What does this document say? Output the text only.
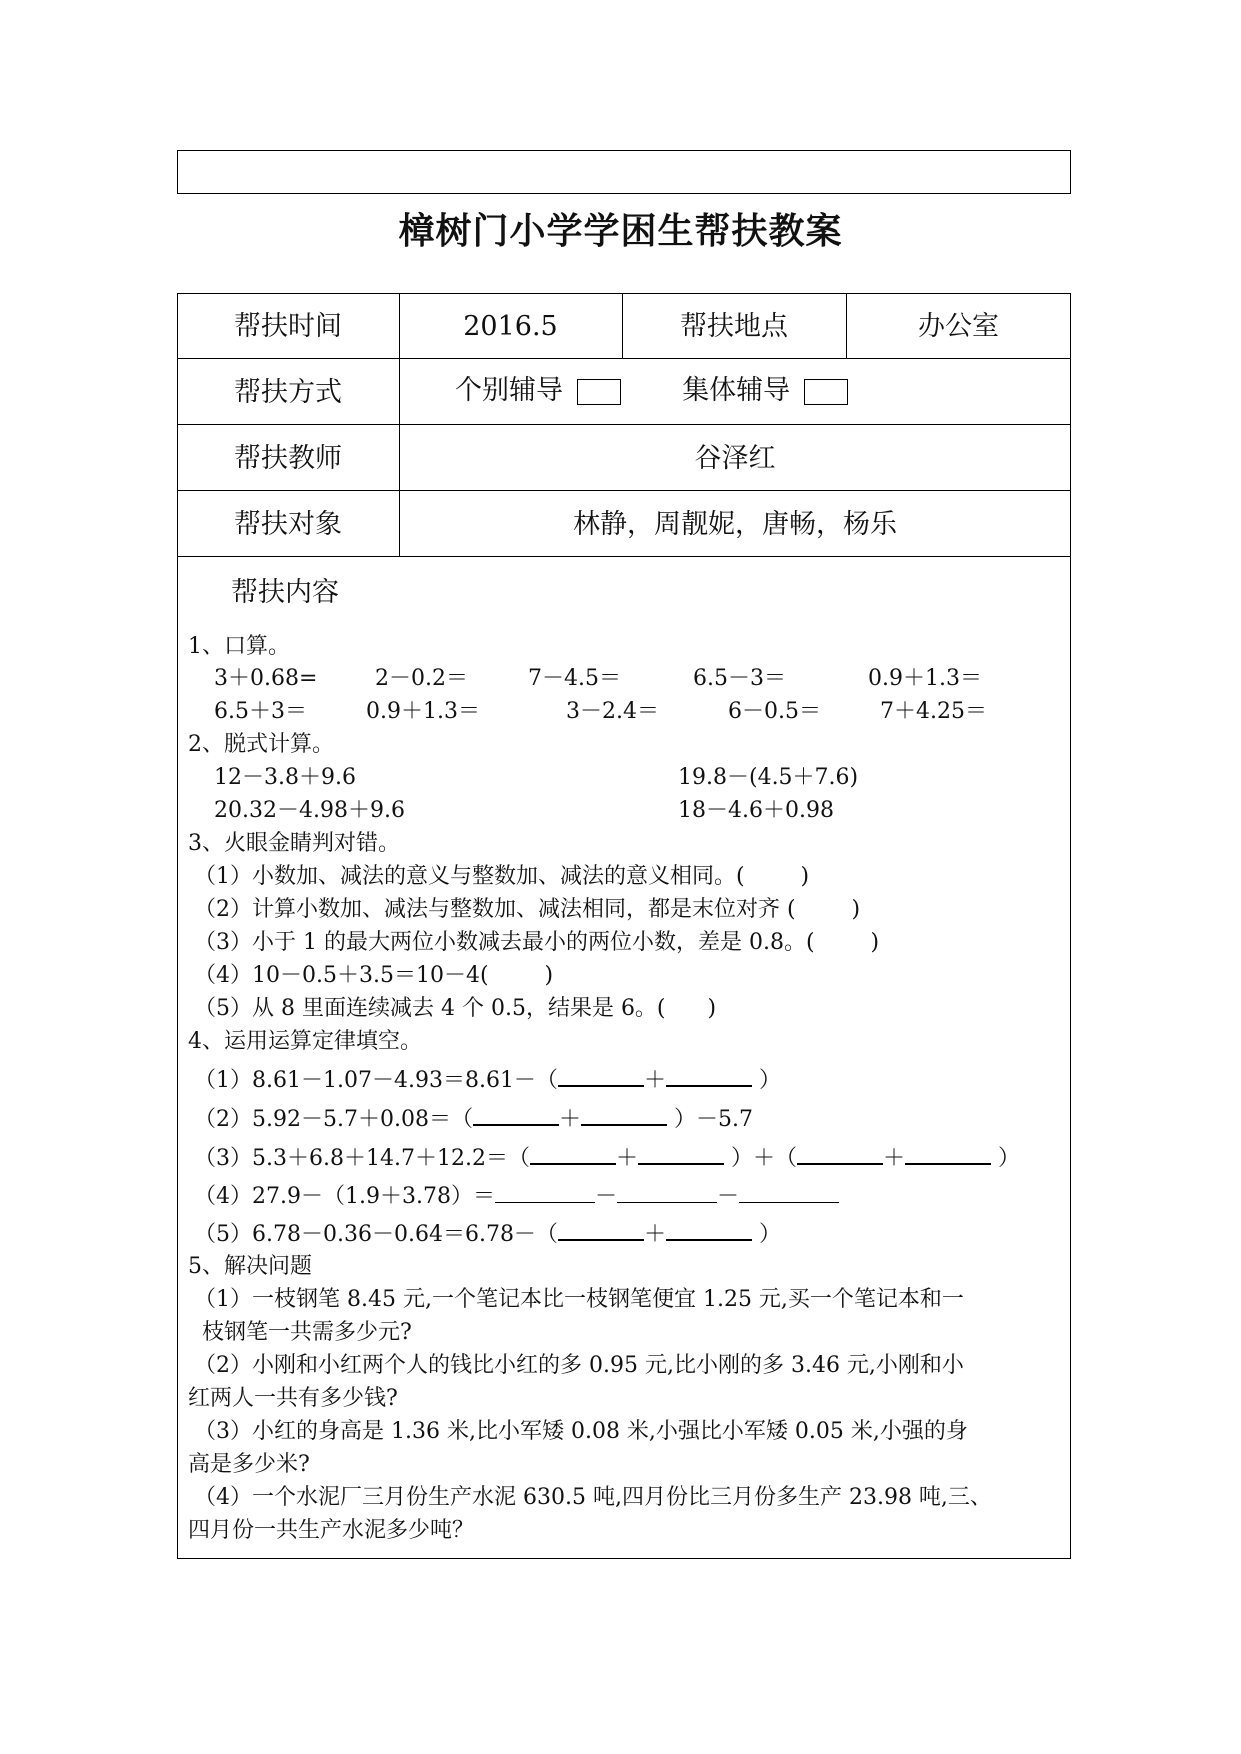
樟树门小学学困生帮扶教案
帮扶时间	2016.5	帮扶地点	办公室
帮扶方式	个别辅导	集体辅导
帮扶教师	谷泽红
帮扶对象	林静，周靓妮，唐畅，杨乐
帮扶内容
1、口算。
3＋0.68=	2－0.2＝	7－4.5＝	6.5－3＝	0.9＋1.3＝
6.5＋3＝	0.9＋1.3＝	3－2.4＝	6－0.5＝	7＋4.25＝
2、脱式计算。
12－3.8＋9.6	19.8－(4.5＋7.6)
20.32－4.98＋9.6	18－4.6＋0.98
3、火眼金睛判对错。
（1）小数加、减法的意义与整数加、减法的意义相同。(        )
（2）计算小数加、减法与整数加、减法相同，都是末位对齐 (        )
（3）小于 1 的最大两位小数减去最小的两位小数，差是 0.8。(        )
（4）10－0.5＋3.5＝10－4(        )
（5）从 8 里面连续减去 4 个 0.5，结果是 6。(      )
4、运用运算定律填空。
（1）8.61－1.07－4.93＝8.61－（	＋	）
（2）5.92－5.7＋0.08＝（	＋	）－5.7
（3）5.3＋6.8＋14.7＋12.2＝（	＋	）＋（	＋	）
（4）27.9－（1.9＋3.78）＝	－	－
（5）6.78－0.36－0.64＝6.78－（	＋	）
5、解决问题
（1）一枝钢笔 8.45 元,一个笔记本比一枝钢笔便宜 1.25 元,买一个笔记本和一
枝钢笔一共需多少元?
（2）小刚和小红两个人的钱比小红的多 0.95 元,比小刚的多 3.46 元,小刚和小
红两人一共有多少钱?
（3）小红的身高是 1.36 米,比小军矮 0.08 米,小强比小军矮 0.05 米,小强的身
高是多少米?
（4）一个水泥厂三月份生产水泥 630.5 吨,四月份比三月份多生产 23.98 吨,三、
四月份一共生产水泥多少吨？
